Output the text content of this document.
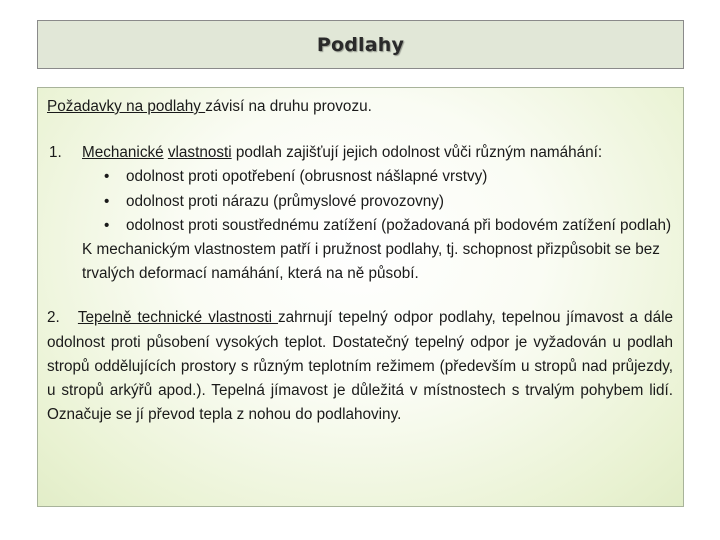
Podlahy

Požadavky na podlahy závisí na druhu provozu.

1. Mechanické vlastnosti podlah zajišťují jejich odolnost vůči různým namáhání:

• odolnost proti opotřebení (obrusnost nášlapné vrstvy)
• odolnost proti nárazu (průmyslové provozovny)
• odolnost proti soustřednému zatížení (požadovaná při bodovém zatížení podlah)

K mechanickým vlastnostem patří i pružnost podlahy, tj. schopnost přizpůsobit se bez trvalých deformací namáhání, která na ně působí.

2. Tepelně technické vlastnosti zahrnují tepelný odpor podlahy, tepelnou jímavost a dále odolnost proti působení vysokých teplot. Dostatečný tepelný odpor je vyžadován u podlah stropů oddělujících prostory s různým teplotním režimem (především u stropů nad průjezdy, u stropů arkýřů apod.). Tepelná jímavost je důležitá v místnostech s trvalým pohybem lidí. Označuje se jí převod tepla z nohou do podlahoviny.
